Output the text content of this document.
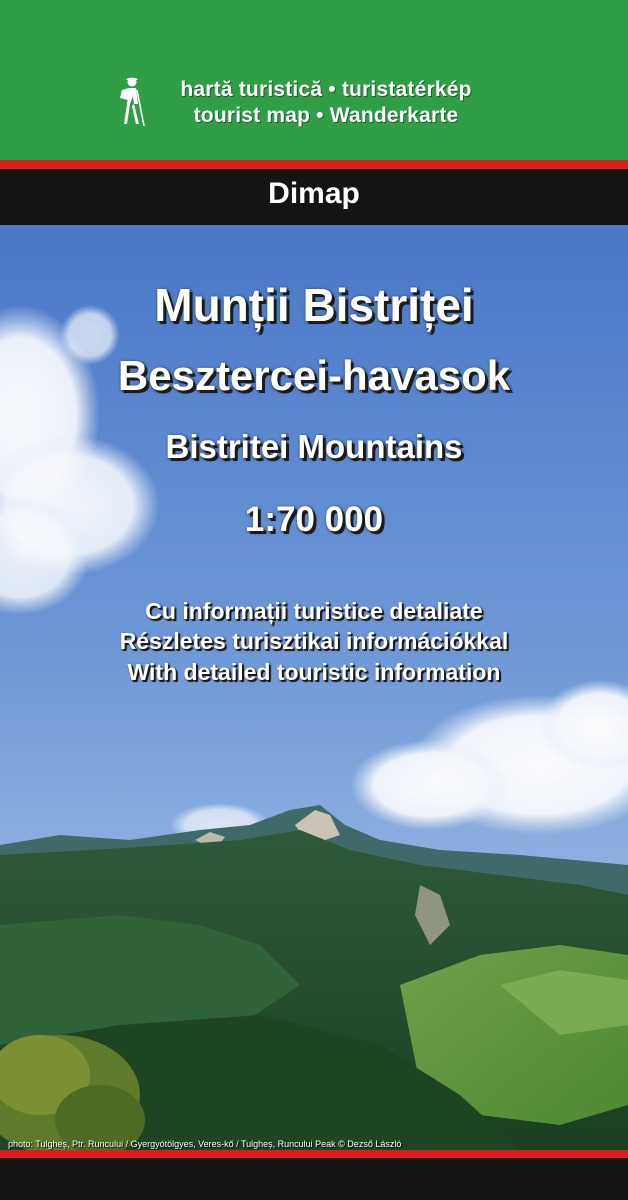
hartă turistică • turistatérkép
tourist map • Wanderkarte
Dimap
Munții Bistriței
Besztercei-havasok
Bistritei Mountains
1:70 000
Cu informații turistice detaliate
Részletes turisztikai információkkal
With detailed touristic information
photo: Tulgheș, Ptr. Runcului / Gyergyótölgyes, Veres-kő / Tulgheș, Runcului Peak © Dezső László
